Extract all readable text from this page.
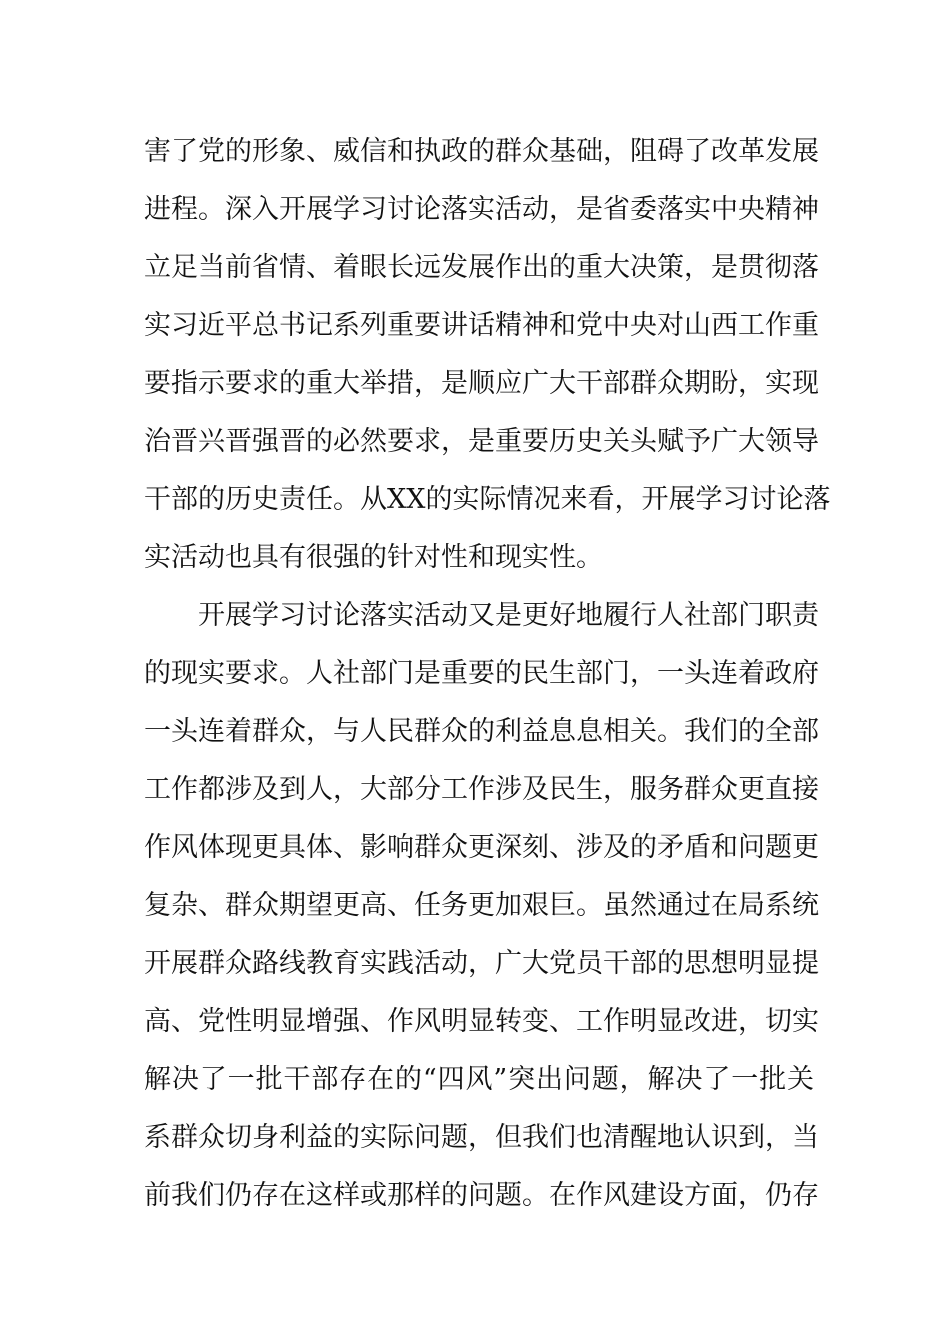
害了党的形象、威信和执政的群众基础，阻碍了改革发展
进程。深入开展学习讨论落实活动，是省委落实中央精神
立足当前省情、着眼长远发展作出的重大决策，是贯彻落
实习近平总书记系列重要讲话精神和党中央对山西工作重
要指示要求的重大举措，是顺应广大干部群众期盼，实现
治晋兴晋强晋的必然要求，是重要历史关头赋予广大领导
干部的历史责任。从XX的实际情况来看，开展学习讨论落
实活动也具有很强的针对性和现实性。
开展学习讨论落实活动又是更好地履行人社部门职责
的现实要求。人社部门是重要的民生部门，一头连着政府
一头连着群众，与人民群众的利益息息相关。我们的全部
工作都涉及到人，大部分工作涉及民生，服务群众更直接
作风体现更具体、影响群众更深刻、涉及的矛盾和问题更
复杂、群众期望更高、任务更加艰巨。虽然通过在局系统
开展群众路线教育实践活动，广大党员干部的思想明显提
高、党性明显增强、作风明显转变、工作明显改进，切实
解决了一批干部存在的“四风”突出问题，解决了一批关
系群众切身利益的实际问题，但我们也清醒地认识到，当
前我们仍存在这样或那样的问题。在作风建设方面，仍存
